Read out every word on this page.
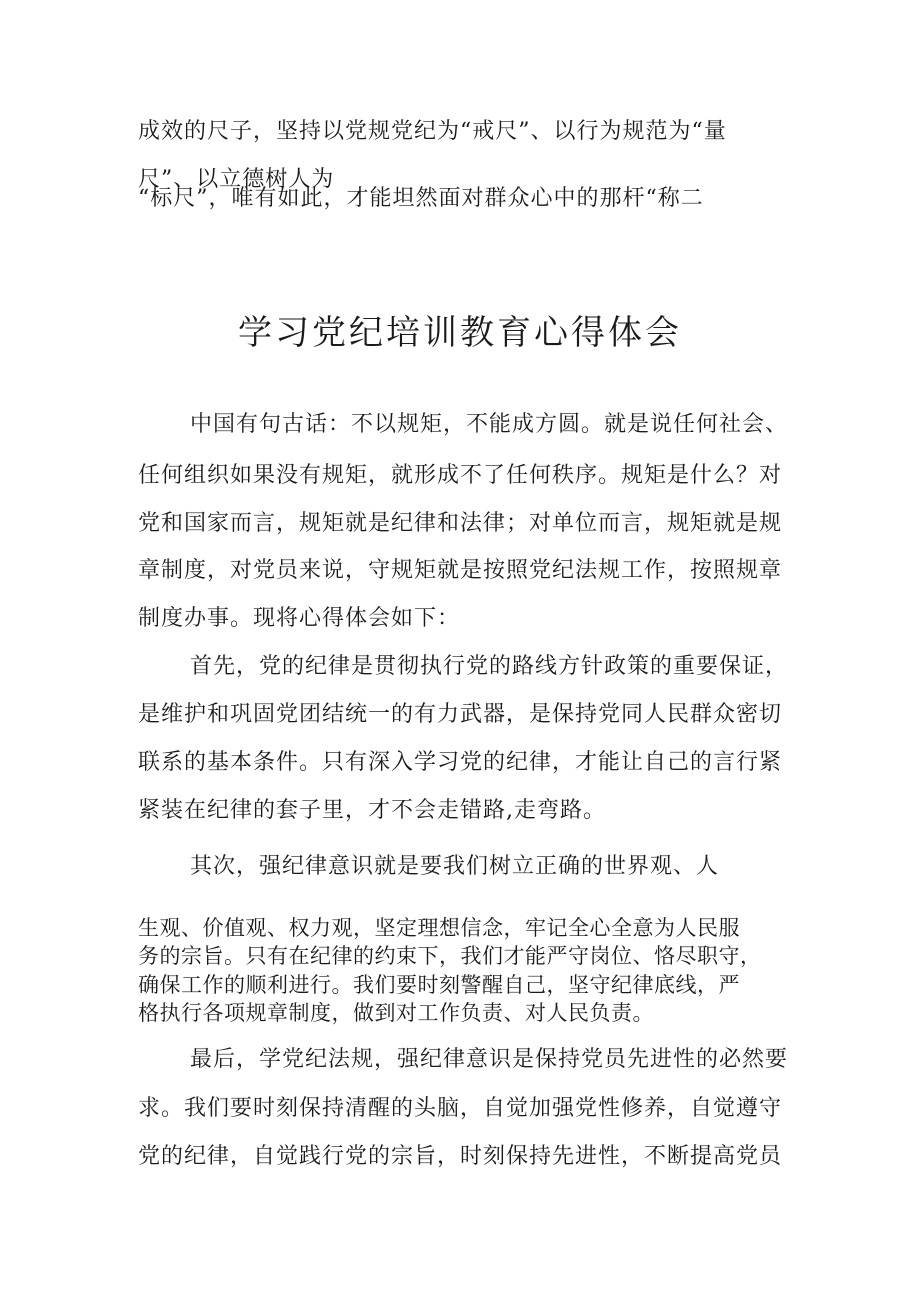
成效的尺子，坚持以党规党纪为“戒尺”、以行为规范为“量
尺”、以立德树人为
“标尺”，唯有如此，才能坦然面对群众心中的那杆“称二
学习党纪培训教育心得体会
中国有句古话：不以规矩，不能成方圆。就是说任何社会、
任何组织如果没有规矩，就形成不了任何秩序。规矩是什么？对
党和国家而言，规矩就是纪律和法律；对单位而言，规矩就是规
章制度，对党员来说，守规矩就是按照党纪法规工作，按照规章
制度办事。现将心得体会如下：
首先，党的纪律是贯彻执行党的路线方针政策的重要保证，
是维护和巩固党团结统一的有力武器，是保持党同人民群众密切
联系的基本条件。只有深入学习党的纪律，才能让自己的言行紧
紧装在纪律的套子里，才不会走错路,走弯路。
其次，强纪律意识就是要我们树立正确的世界观、人
生观、价值观、权力观，坚定理想信念，牢记全心全意为人民服
务的宗旨。只有在纪律的约束下，我们才能严守岗位、恪尽职守，
确保工作的顺利进行。我们要时刻警醒自己，坚守纪律底线，严
格执行各项规章制度，做到对工作负责、对人民负责。
最后，学党纪法规，强纪律意识是保持党员先进性的必然要
求。我们要时刻保持清醒的头脑，自觉加强党性修养，自觉遵守
党的纪律，自觉践行党的宗旨，时刻保持先进性，不断提高党员
